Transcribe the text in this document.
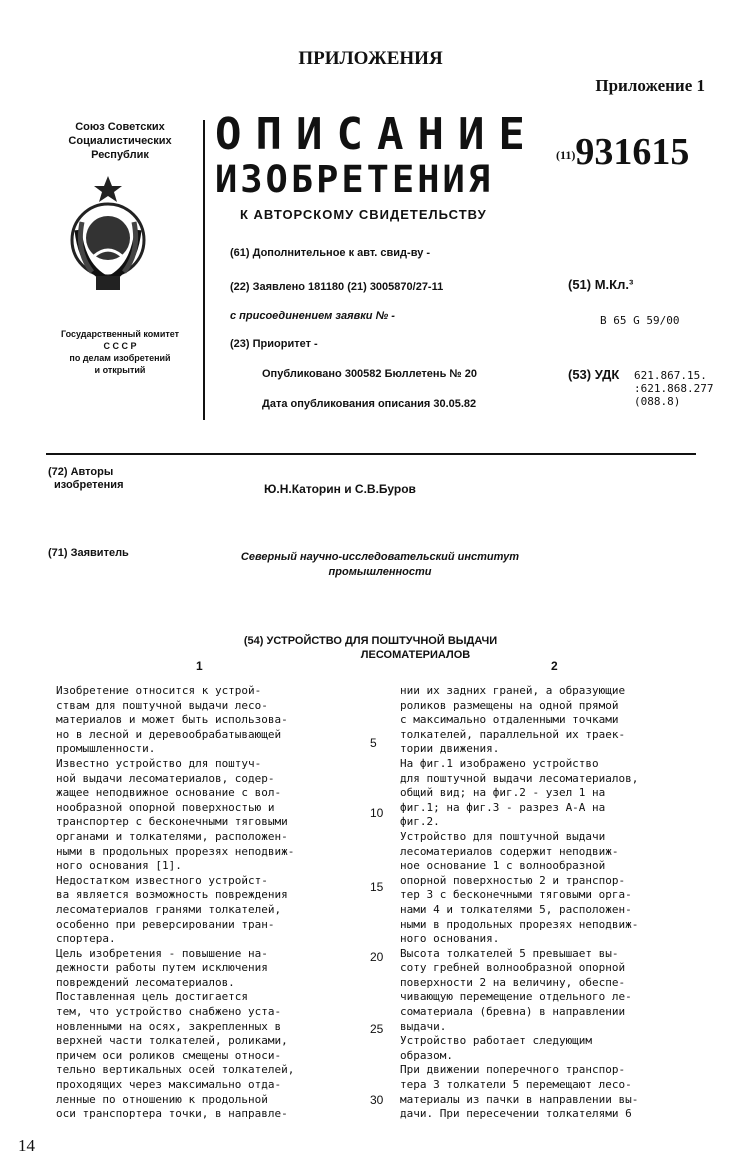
ПРИЛОЖЕНИЯ
Приложение 1
Союз Советских
Социалистических
Республик
Государственный комитет
С С С Р
по делам изобретений
и открытий
ОПИСАНИЕ
ИЗОБРЕТЕНИЯ
К АВТОРСКОМУ СВИДЕТЕЛЬСТВУ
(61) Дополнительное к авт. свид-ву -
(22) Заявлено 181180 (21) 3005870/27-11
с присоединением заявки № -
(23) Приоритет -
Опубликовано 300582 Бюллетень № 20
Дата опубликования описания 30.05.82
(11)931615
(51) М.Кл.³
В 65 G 59/00
(53) УДК 621.867.15.
:621.868.277
(088.8)
(72) Авторы
изобретения	Ю.Н.Каторин и С.В.Буров
(71) Заявитель	Северный научно-исследовательский институт
промышленности
(54) УСТРОЙСТВО ДЛЯ ПОШТУЧНОЙ ВЫДАЧИ
ЛЕСОМАТЕРИАЛОВ
1	2

Изобретение относится к устрой-

ствам для поштучной выдачи лесо-

материалов и может быть использова-

но в лесной и деревообрабатывающей

промышленности.

Известно устройство для поштуч-

ной выдачи лесоматериалов, содер-

жащее неподвижное основание с вол-

нообразной опорной поверхностью и

транспортер с бесконечными тяговыми

органами и толкателями, расположен-

ными в продольных прорезях неподвиж-

ного основания [1].

Недостатком известного устройст-

ва является возможность повреждения

лесоматериалов гранями толкателей,

особенно при реверсировании тран-

спортера.

Цель изобретения - повышение на-

дежности работы путем исключения

повреждений лесоматериалов.

Поставленная цель достигается

тем, что устройство снабжено уста-

новленными на осях, закрепленных в

верхней части толкателей, роликами,

причем оси роликов смещены относи-

тельно вертикальных осей толкателей,

проходящих через максимально отда-

ленные по отношению к продольной

оси транспортера точки, в направле-

нии их задних граней, а образующие

роликов размещены на одной прямой

с максимально отдаленными точками

толкателей, параллельной их траек-

тории движения.

На фиг.1 изображено устройство

для поштучной выдачи лесоматериалов,

общий вид; на фиг.2 - узел 1 на

фиг.1; на фиг.3 - разрез А-А на

фиг.2.

Устройство для поштучной выдачи

лесоматериалов содержит неподвиж-

ное основание 1 с волнообразной

опорной поверхностью 2 и транспор-

тер 3 с бесконечными тяговыми орга-

нами 4 и толкателями 5, расположен-

ными в продольных прорезях неподвиж-

ного основания.

Высота толкателей 5 превышает вы-

соту гребней волнообразной опорной

поверхности 2 на величину, обеспе-

чивающую перемещение отдельного ле-

соматериала (бревна) в направлении

выдачи.

Устройство работает следующим

образом.

При движении поперечного транспор-

тера 3 толкатели 5 перемещают лесо-

материалы из пачки в направлении вы-

дачи. При пересечении толкателями 6

5
10
15
20
25
30
14
